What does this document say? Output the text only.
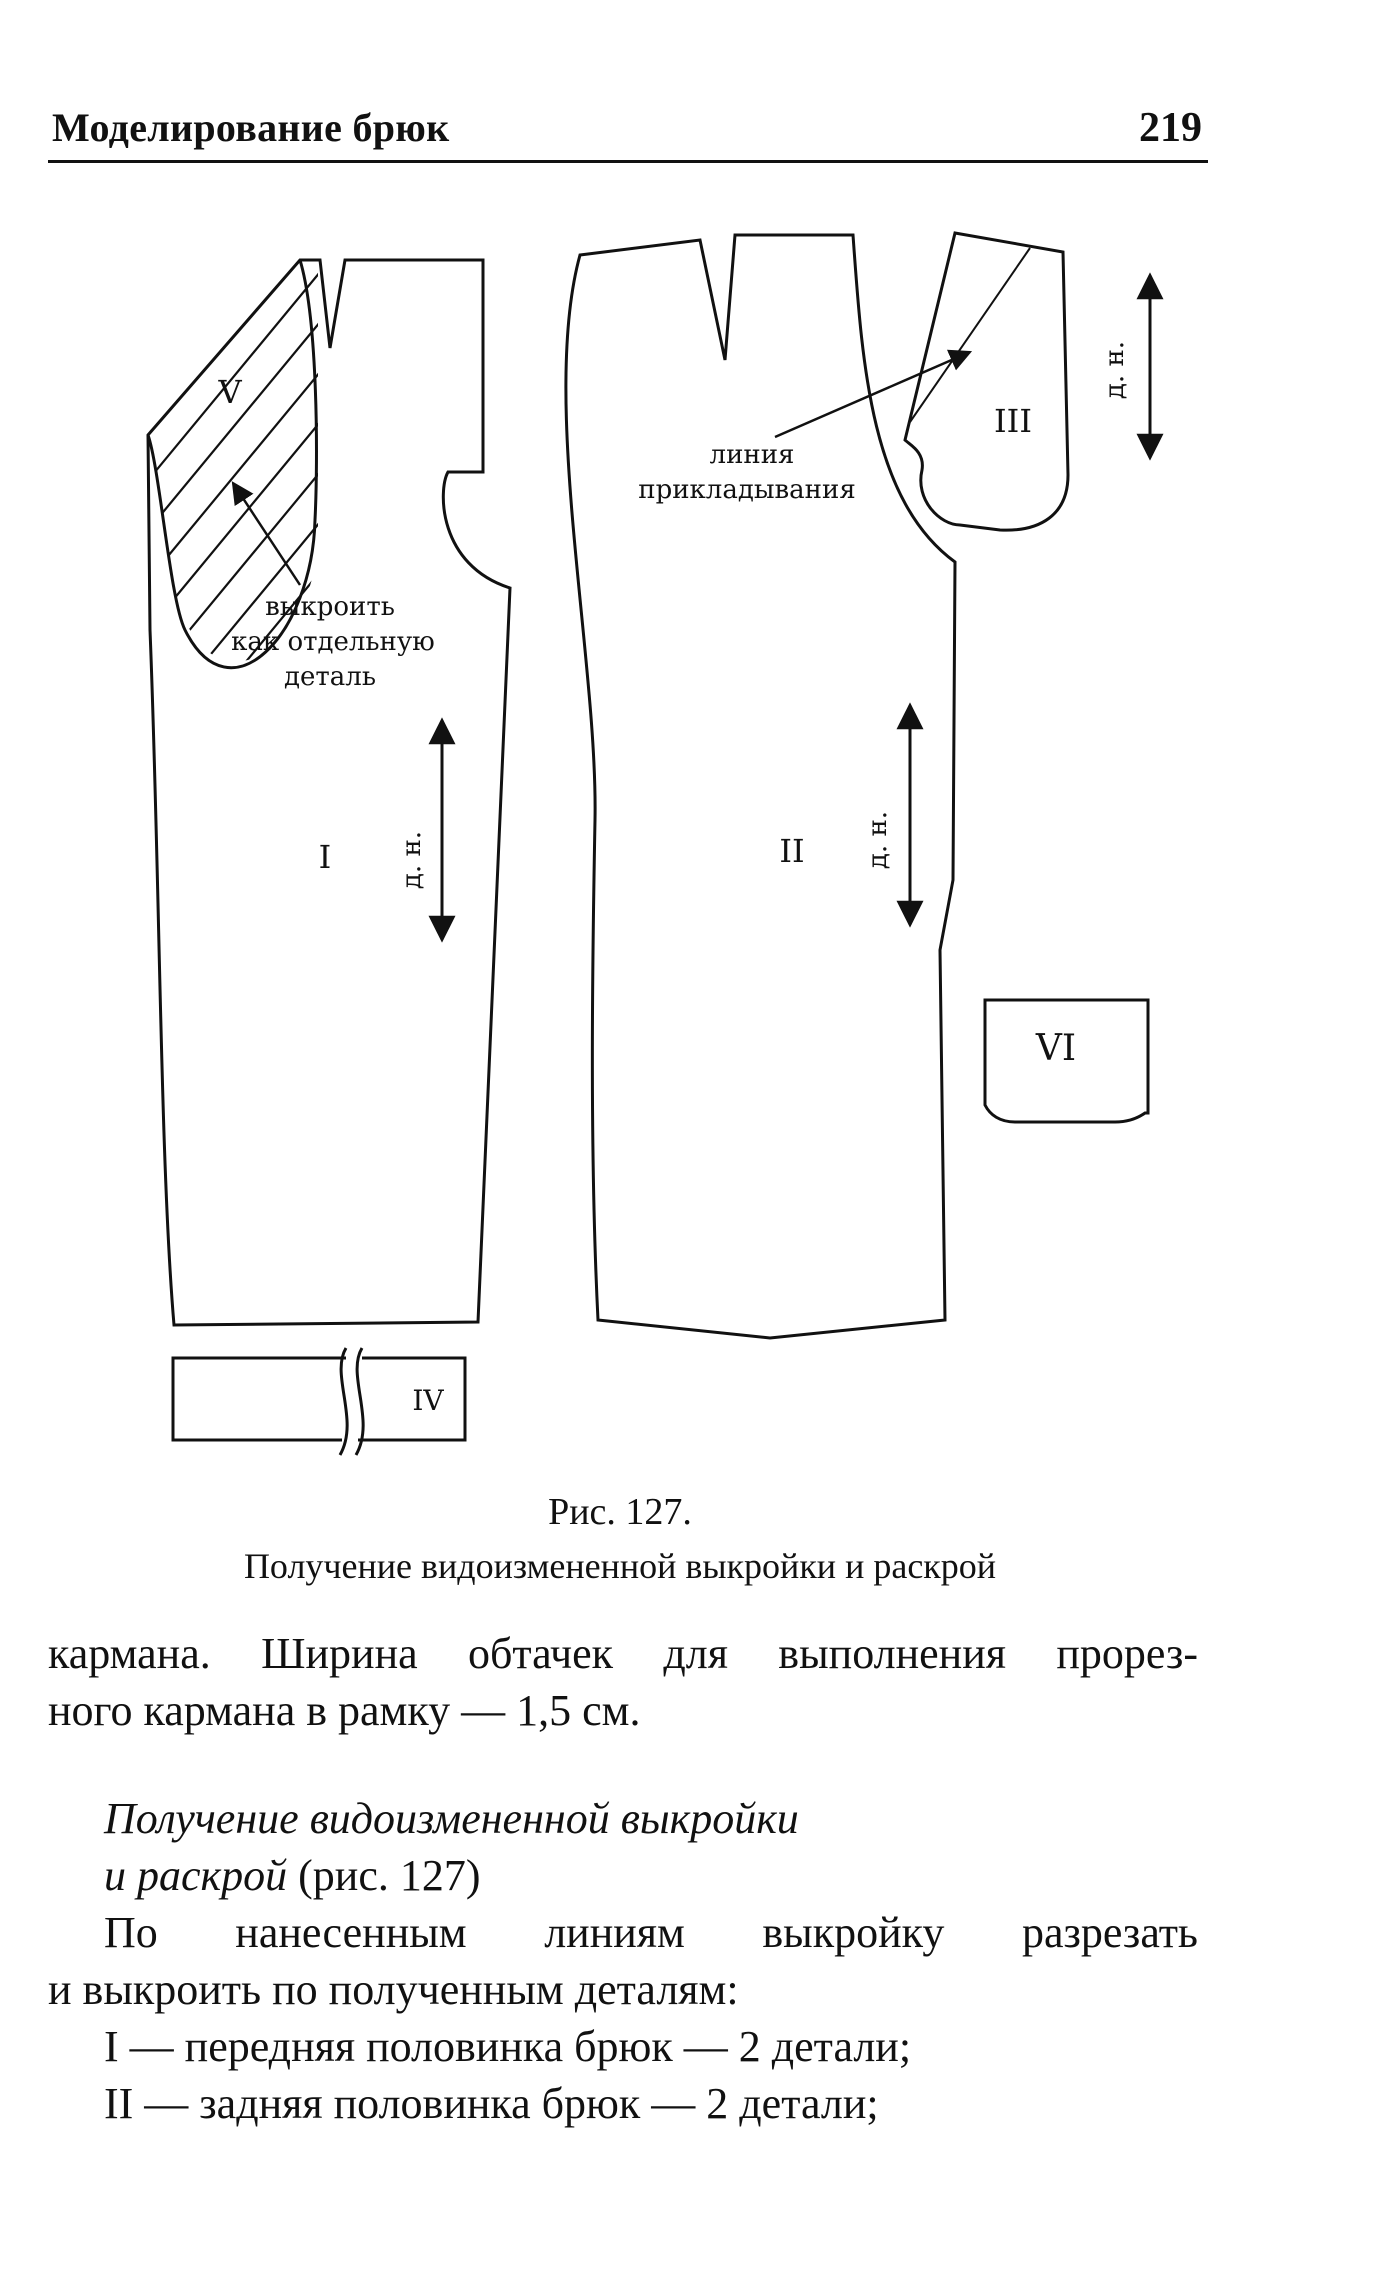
Моделирование брюк	219
V
I	II
III
VI
IV
д. н.	д. н.
д. н.
выкроить
как отдельную
деталь
линия
прикладывания
Рис. 127.
Получение видоизмененной выкройки и раскрой
кармана. Ширина обтачек для выполнения прорез-
ного кармана в рамку — 1,5 см.
Получение видоизмененной выкройки
и раскрой (рис. 127)
По нанесенным линиям выкройку разрезать
и выкроить по полученным деталям:
I — передняя половинка брюк — 2 детали;
II — задняя половинка брюк — 2 детали;
